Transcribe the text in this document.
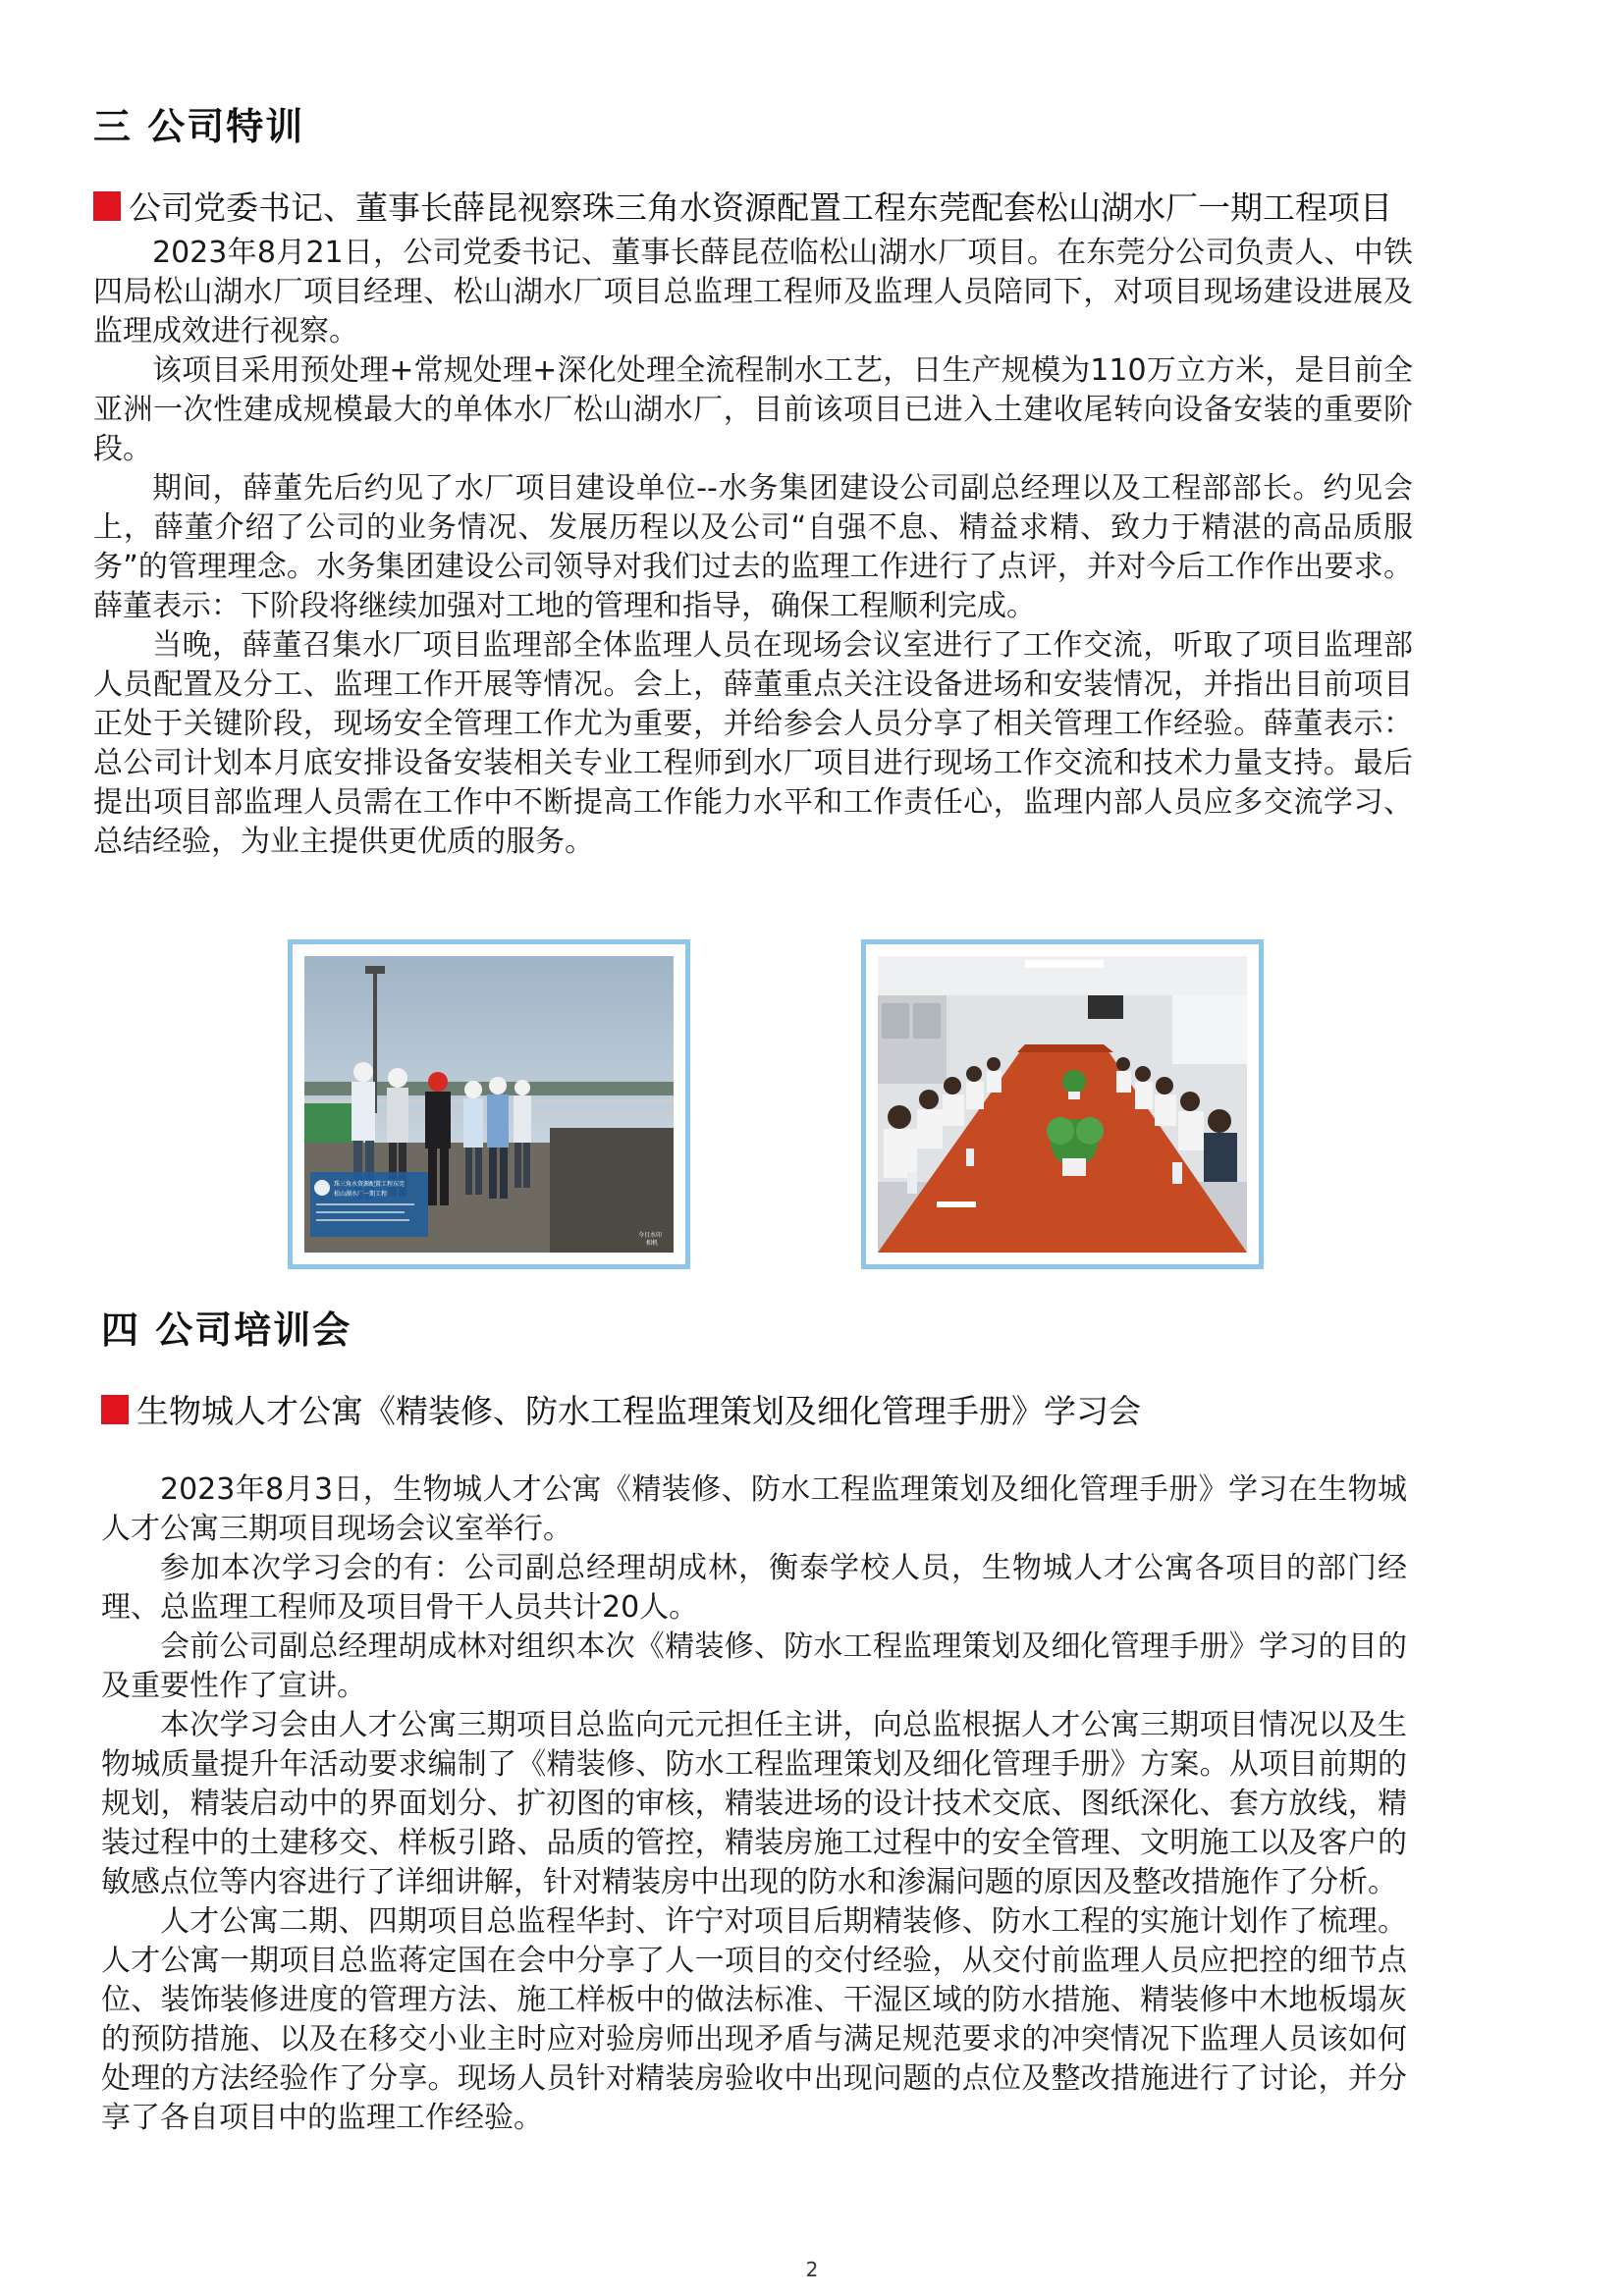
三 公司特训
公司党委书记、董事长薛昆视察珠三角水资源配置工程东莞配套松山湖水厂一期工程项目

2023年8月21日，公司党委书记、董事长薛昆莅临松山湖水厂项目。在东莞分公司负责人、中铁四局松山湖水厂项目经理、松山湖水厂项目总监理工程师及监理人员陪同下，对项目现场建设进展及监理成效进行视察。

该项目采用预处理+常规处理+深化处理全流程制水工艺，日生产规模为110万立方米，是目前全亚洲一次性建成规模最大的单体水厂松山湖水厂，目前该项目已进入土建收尾转向设备安装的重要阶段。

期间，薛董先后约见了水厂项目建设单位--水务集团建设公司副总经理以及工程部部长。约见会上，薛董介绍了公司的业务情况、发展历程以及公司“自强不息、精益求精、致力于精湛的高品质服务”的管理理念。水务集团建设公司领导对我们过去的监理工作进行了点评，并对今后工作作出要求。薛董表示：下阶段将继续加强对工地的管理和指导，确保工程顺利完成。

当晚，薛董召集水厂项目监理部全体监理人员在现场会议室进行了工作交流，听取了项目监理部人员配置及分工、监理工作开展等情况。会上，薛董重点关注设备进场和安装情况，并指出目前项目正处于关键阶段，现场安全管理工作尤为重要，并给参会人员分享了相关管理工作经验。薛董表示：总公司计划本月底安排设备安装相关专业工程师到水厂项目进行现场工作交流和技术力量支持。最后提出项目部监理人员需在工作中不断提高工作能力水平和工作责任心，监理内部人员应多交流学习、总结经验，为业主提供更优质的服务。

珠三角水资源配置工程东莞
松山湖水厂一期工程
今日水印
相机
四 公司培训会
生物城人才公寓《精装修、防水工程监理策划及细化管理手册》学习会

2023年8月3日，生物城人才公寓《精装修、防水工程监理策划及细化管理手册》学习在生物城人才公寓三期项目现场会议室举行。

参加本次学习会的有：公司副总经理胡成林，衡泰学校人员，生物城人才公寓各项目的部门经理、总监理工程师及项目骨干人员共计20人。

会前公司副总经理胡成林对组织本次《精装修、防水工程监理策划及细化管理手册》学习的目的及重要性作了宣讲。

本次学习会由人才公寓三期项目总监向元元担任主讲，向总监根据人才公寓三期项目情况以及生物城质量提升年活动要求编制了《精装修、防水工程监理策划及细化管理手册》方案。从项目前期的规划，精装启动中的界面划分、扩初图的审核，精装进场的设计技术交底、图纸深化、套方放线，精装过程中的土建移交、样板引路、品质的管控，精装房施工过程中的安全管理、文明施工以及客户的敏感点位等内容进行了详细讲解，针对精装房中出现的防水和渗漏问题的原因及整改措施作了分析。

人才公寓二期、四期项目总监程华封、许宁对项目后期精装修、防水工程的实施计划作了梳理。人才公寓一期项目总监蒋定国在会中分享了人一项目的交付经验，从交付前监理人员应把控的细节点位、装饰装修进度的管理方法、施工样板中的做法标准、干湿区域的防水措施、精装修中木地板塌灰的预防措施、以及在移交小业主时应对验房师出现矛盾与满足规范要求的冲突情况下监理人员该如何处理的方法经验作了分享。现场人员针对精装房验收中出现问题的点位及整改措施进行了讨论，并分享了各自项目中的监理工作经验。

2
